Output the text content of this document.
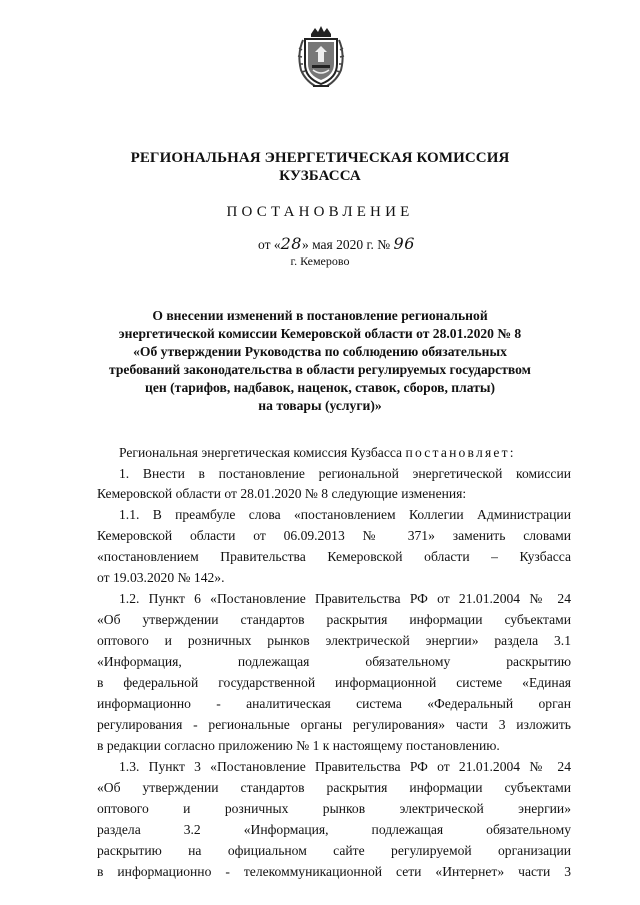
РЕГИОНАЛЬНАЯ ЭНЕРГЕТИЧЕСКАЯ КОМИССИЯ
КУЗБАССА
ПОСТАНОВЛЕНИЕ
от «28» мая 2020 г. № 96
г. Кемерово
О внесении изменений в постановление региональной
энергетической комиссии Кемеровской области от 28.01.2020 № 8
«Об утверждении Руководства по соблюдению обязательных
требований законодательства в области регулируемых государством
цен (тарифов, надбавок, наценок, ставок, сборов, платы)
на товары (услуги)»
Региональная энергетическая комиссия Кузбасса постановляет:
1. Внести в постановление региональной энергетической комиссии
Кемеровской области от 28.01.2020 № 8 следующие изменения:
1.1. В преамбуле слова «постановлением Коллегии Администрации
Кемеровской области от 06.09.2013 № 371» заменить словами
«постановлением Правительства Кемеровской области – Кузбасса
от 19.03.2020 № 142».
1.2. Пункт 6 «Постановление Правительства РФ от 21.01.2004 № 24
«Об утверждении стандартов раскрытия информации субъектами
оптового и розничных рынков электрической энергии» раздела 3.1
«Информация, подлежащая обязательному раскрытию
в федеральной государственной информационной системе «Единая
информационно - аналитическая система «Федеральный орган
регулирования - региональные органы регулирования» части 3 изложить
в редакции согласно приложению № 1 к настоящему постановлению.
1.3. Пункт 3 «Постановление Правительства РФ от 21.01.2004 № 24
«Об утверждении стандартов раскрытия информации субъектами
оптового и розничных рынков электрической энергии»
раздела 3.2 «Информация, подлежащая обязательному
раскрытию на официальном сайте регулируемой организации
в информационно - телекоммуникационной сети «Интернет» части 3
